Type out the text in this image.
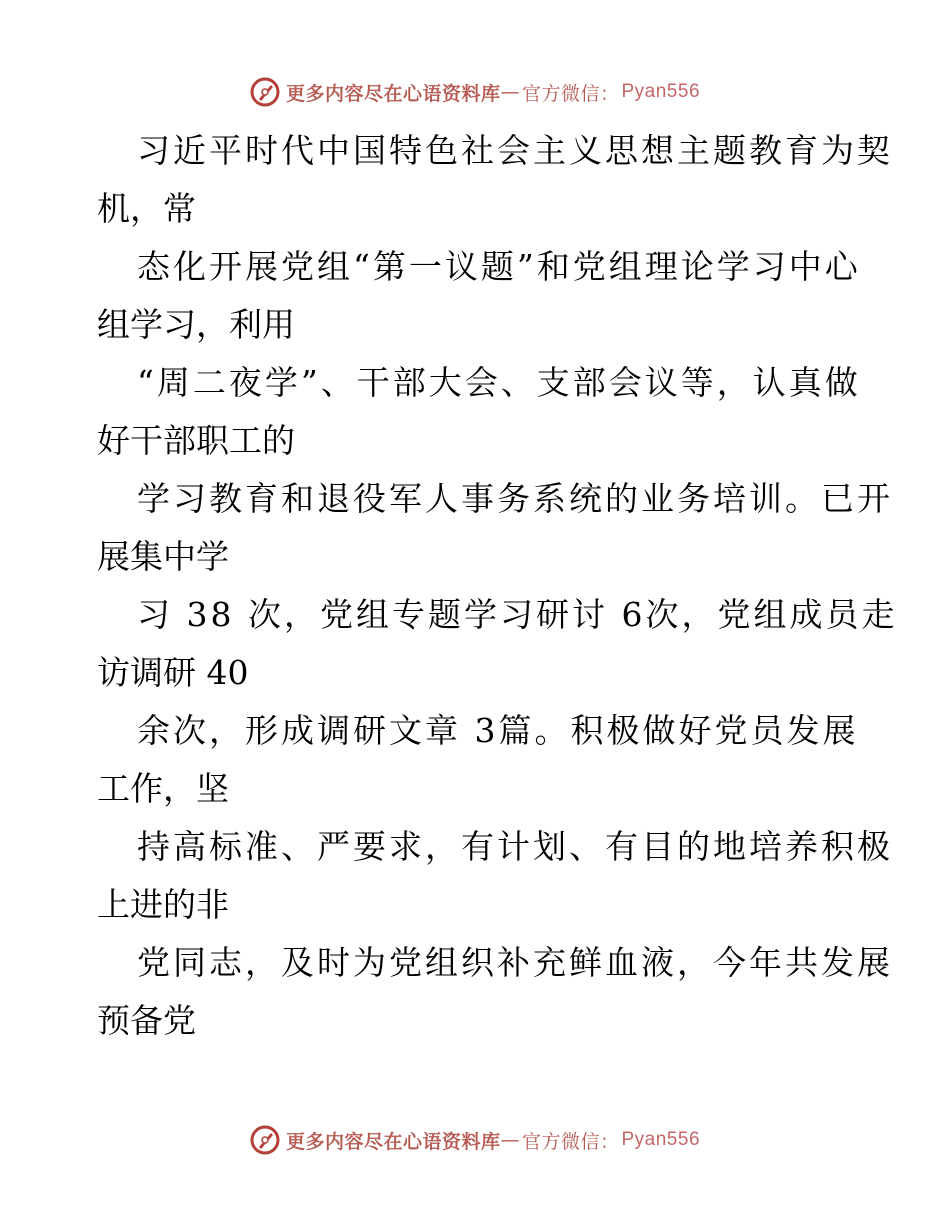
更多内容尽在心语资料库 — 官方微信： Pyan556
习近平时代中国特色社会主义思想主题教育为契
机，常
态化开展党组“第一议题”和党组理论学习中心
组学习，利用
“周二夜学”、干部大会、支部会议等，认真做
好干部职工的
学习教育和退役军人事务系统的业务培训。已开
展集中学
习 38 次，党组专题学习研讨 6次，党组成员走
访调研 40
余次，形成调研文章 3篇。积极做好党员发展
工作，坚
持高标准、严要求，有计划、有目的地培养积极
上进的非
党同志，及时为党组织补充鲜血液，今年共发展
预备党
更多内容尽在心语资料库 — 官方微信： Pyan556
